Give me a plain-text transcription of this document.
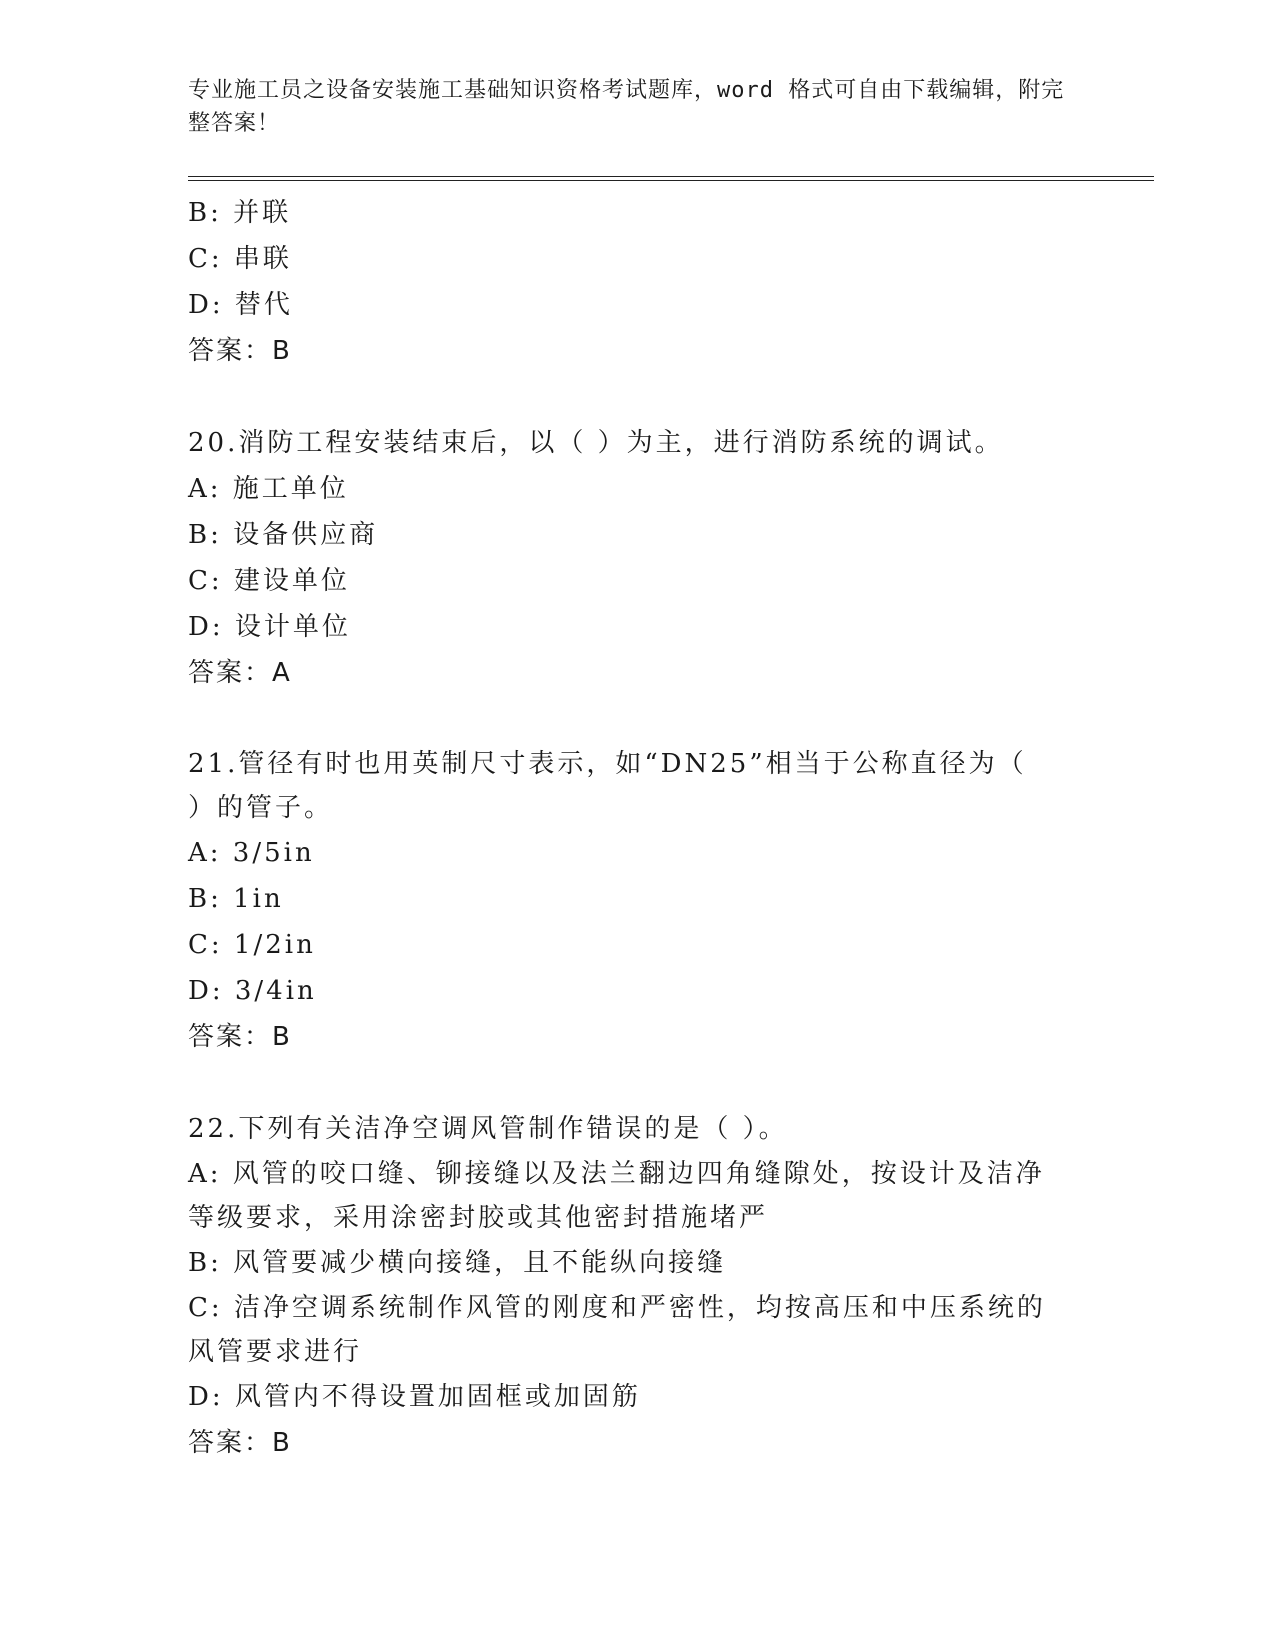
专业施工员之设备安装施工基础知识资格考试题库，word 格式可自由下载编辑，附完整答案！
B: 并联
C: 串联
D: 替代
答案：B
20.消防工程安装结束后，以（ ）为主，进行消防系统的调试。
A: 施工单位
B: 设备供应商
C: 建设单位
D: 设计单位
答案：A
21.管径有时也用英制尺寸表示，如“DN25”相当于公称直径为（ ）的管子。
A: 3/5in
B: 1in
C: 1/2in
D: 3/4in
答案：B
22.下列有关洁净空调风管制作错误的是（ ）。
A: 风管的咬口缝、铆接缝以及法兰翻边四角缝隙处，按设计及洁净等级要求，采用涂密封胶或其他密封措施堵严
B: 风管要减少横向接缝，且不能纵向接缝
C: 洁净空调系统制作风管的刚度和严密性，均按高压和中压系统的风管要求进行
D: 风管内不得设置加固框或加固筋
答案：B
